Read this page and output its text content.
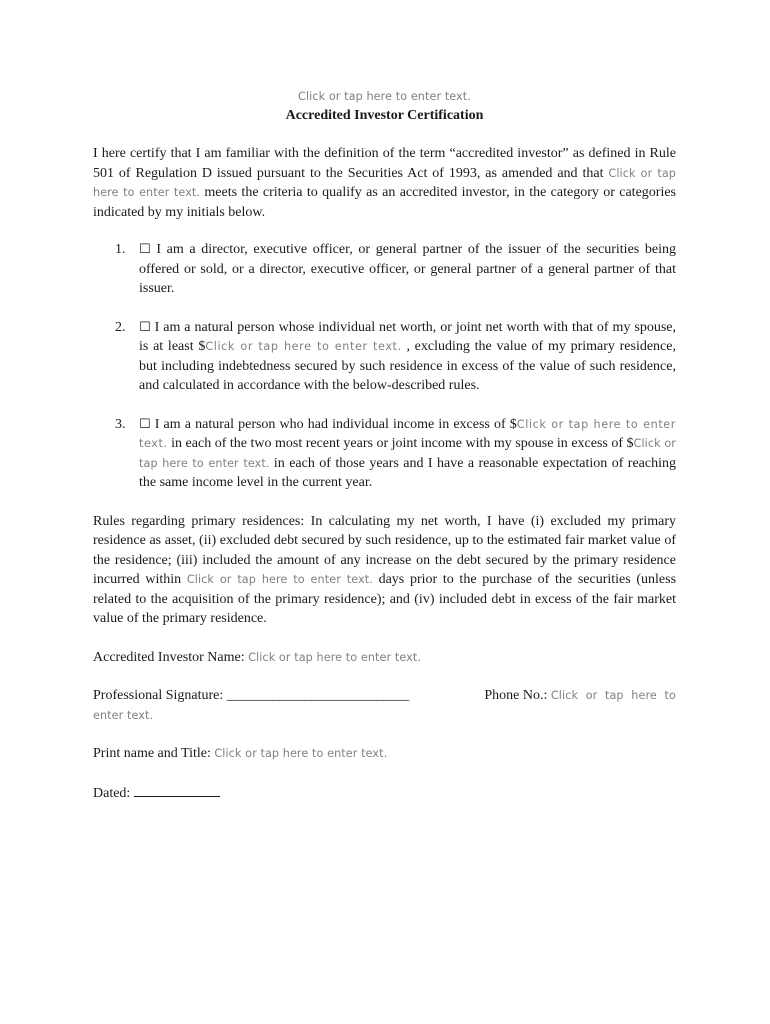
Click or tap here to enter text.
Accredited Investor Certification

I here certify that I am familiar with the definition of the term “accredited investor” as defined in Rule 501 of Regulation D issued pursuant to the Securities Act of 1993, as amended and that Click or tap here to enter text. meets the criteria to qualify as an accredited investor, in the category or categories indicated by my initials below.

1. ☐ I am a director, executive officer, or general partner of the issuer of the securities being offered or sold, or a director, executive officer, or general partner of a general partner of that issuer.
2. ☐ I am a natural person whose individual net worth, or joint net worth with that of my spouse, is at least $Click or tap here to enter text. , excluding the value of my primary residence, but including indebtedness secured by such residence in excess of the value of such residence, and calculated in accordance with the below-described rules.
3. ☐ I am a natural person who had individual income in excess of $Click or tap here to enter text. in each of the two most recent years or joint income with my spouse in excess of $Click or tap here to enter text. in each of those years and I have a reasonable expectation of reaching the same income level in the current year.

Rules regarding primary residences: In calculating my net worth, I have (i) excluded my primary residence as asset, (ii) excluded debt secured by such residence, up to the estimated fair market value of the residence; (iii) included the amount of any increase on the debt secured by the primary residence incurred within Click or tap here to enter text. days prior to the purchase of the securities (unless related to the acquisition of the primary residence); and (iv) included debt in excess of the fair market value of the primary residence.

Accredited Investor Name: Click or tap here to enter text.
Professional Signature: ____________________________	Phone No.: Click or tap here to
enter text.
Print name and Title: Click or tap here to enter text.
Dated:
